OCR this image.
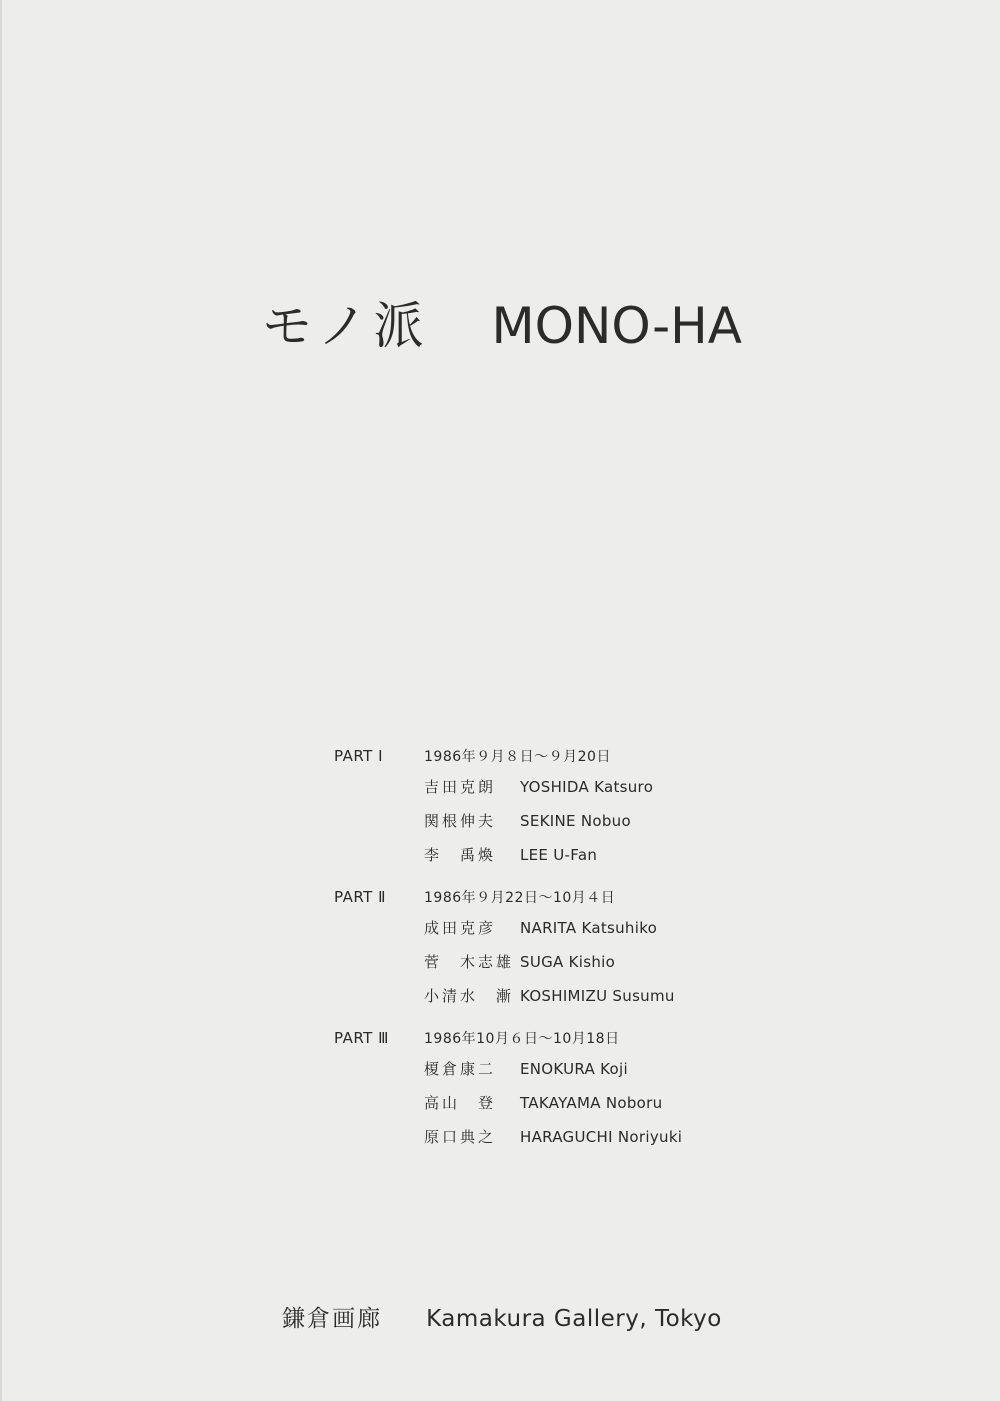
モノ派 MONO-HA
PART Ⅰ	1986年９月８日～９月20日
吉田克朗	YOSHIDA Katsuro
関根伸夫	SEKINE Nobuo
李　禹煥	LEE U-Fan
PART Ⅱ	1986年９月22日～10月４日
成田克彦	NARITA Katsuhiko
菅　木志雄 SUGA Kishio
小清水　漸 KOSHIMIZU Susumu
PART Ⅲ	1986年10月６日～10月18日
榎倉康二	ENOKURA Koji
高山　登	TAKAYAMA Noboru
原口典之	HARAGUCHI Noriyuki
鎌倉画廊 Kamakura Gallery, Tokyo
